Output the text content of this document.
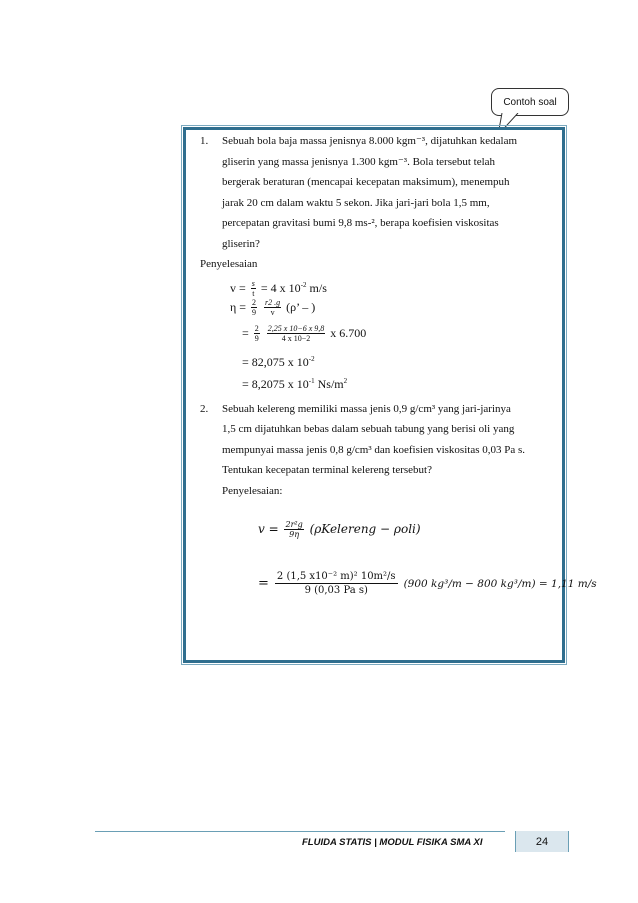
Contoh soal
1. Sebuah bola baja massa jenisnya 8.000 kgm⁻³, dijatuhkan kedalam
gliserin yang massa jenisnya 1.300 kgm⁻³. Bola tersebut telah
bergerak beraturan (mencapai kecepatan maksimum), menempuh
jarak 20 cm dalam waktu 5 sekon. Jika jari-jari bola 1,5 mm,
percepatan gravitasi bumi 9,8 ms-², berapa koefisien viskositas
gliserin?
Penyelesaian
$v = \frac{s}{t} = 4$ x $10^{-2}$ m/s
$\eta = \frac{2}{9}$
$\frac{r2 .g}{v} (\rho$’ – )
= $\frac{2}{9}$
$\frac{2,25 x 10-6 x 9,8}{4 x 10-2}$ x 6.700
= 82,075 x $10^{-2}$
= 8,2075 x $10^{-1}$ $Ns/m^2$
2. Sebuah kelereng memiliki massa jenis 0,9 g/cm³ yang jari-jarinya
1,5 cm dijatuhkan bebas dalam sebuah tabung yang berisi oli yang
mempunyai massa jenis 0,8 g/cm³ dan koefisien viskositas 0,03 Pa s.
Tentukan kecepatan terminal kelereng tersebut?
Penyelesaian:
$v = \frac{\text{2r²g}}{9\eta}$ (ρKelereng − ρoli)
= $\frac{\text{2 (1,5 x10⁻² m)² 10m²/s}}{\text{9 (0,03 Pa s)}} (900$ kg³/m − 800 kg³/m) = 1,11 m/s
FLUIDA STATIS | MODUL FISIKA SMA XI	24
